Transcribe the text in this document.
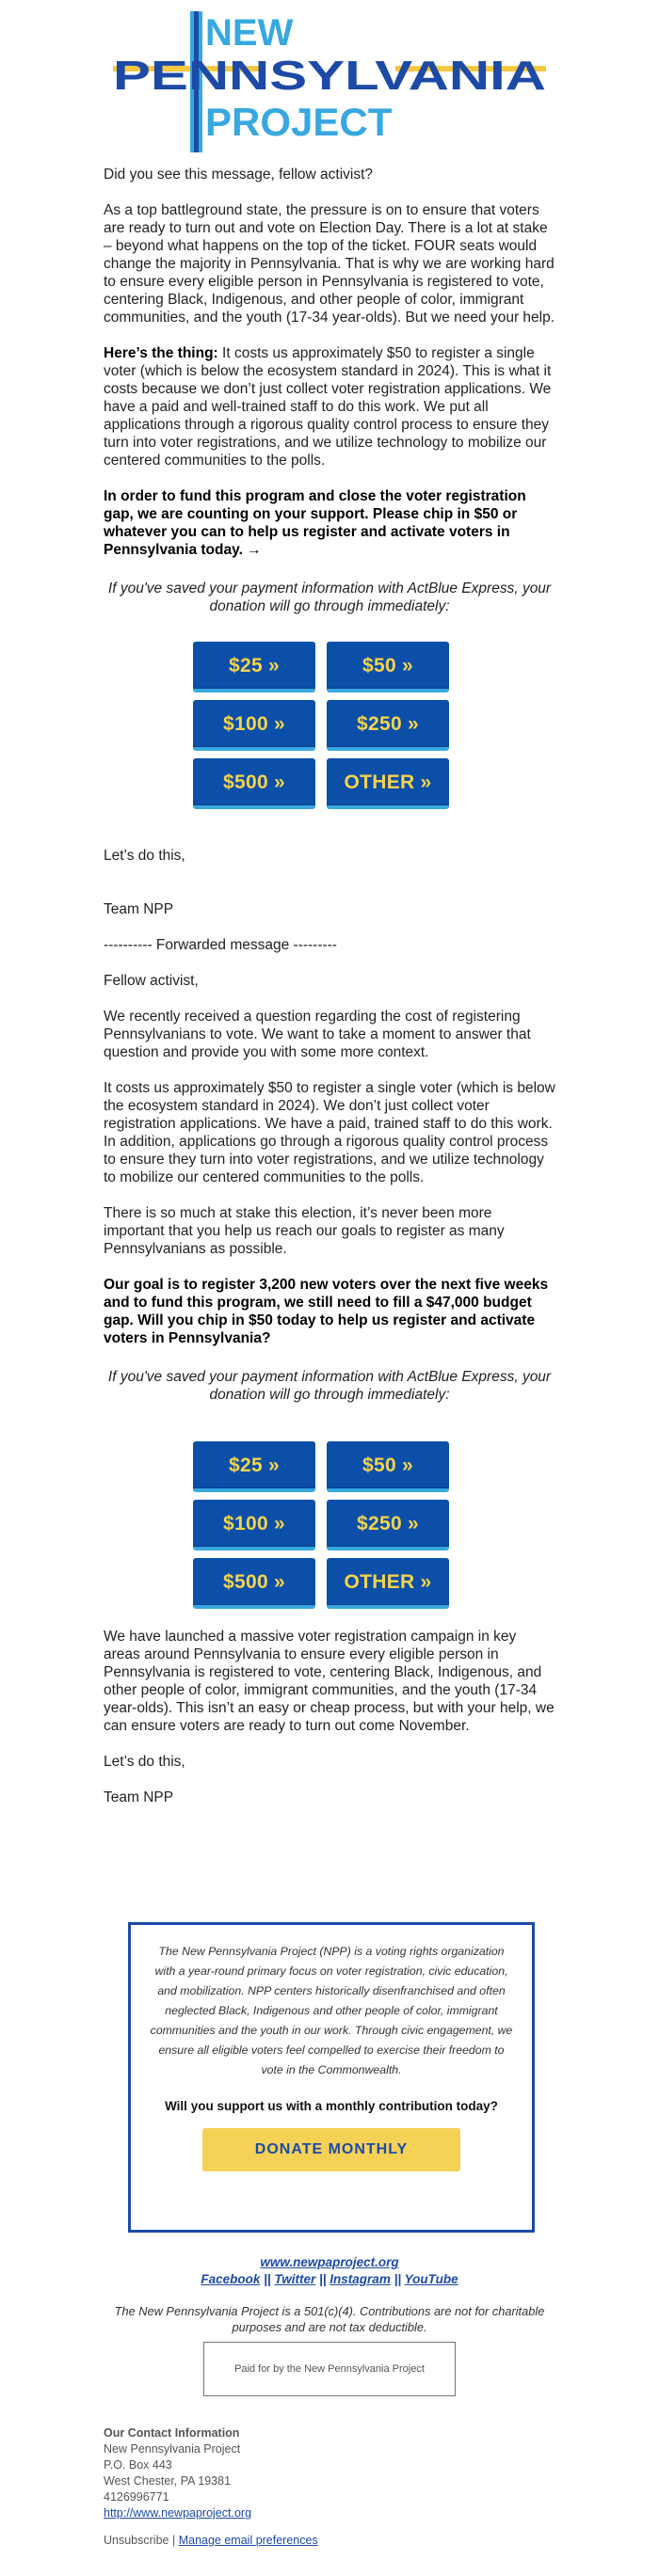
NEW
PENNSYLVANIA
PROJECT

Did you see this message, fellow activist?

As a top battleground state, the pressure is on to ensure that voters are ready to turn out and vote on Election Day. There is a lot at stake – beyond what happens on the top of the ticket. FOUR seats would change the majority in Pennsylvania. That is why we are working hard to ensure every eligible person in Pennsylvania is registered to vote, centering Black, Indigenous, and other people of color, immigrant communities, and the youth (17-34 year-olds). But we need your help.

Here’s the thing: It costs us approximately $50 to register a single voter (which is below the ecosystem standard in 2024). This is what it costs because we don’t just collect voter registration applications. We have a paid and well-trained staff to do this work. We put all applications through a rigorous quality control process to ensure they turn into voter registrations, and we utilize technology to mobilize our centered communities to the polls.

In order to fund this program and close the voter registration gap, we are counting on your support. Please chip in $50 or whatever you can to help us register and activate voters in Pennsylvania today. →

If you've saved your payment information with ActBlue Express, your donation will go through immediately:

$25 »	$50 »
$100 »	$250 »
$500 »	OTHER »

Let’s do this,

Team NPP

---------- Forwarded message ---------

Fellow activist,

We recently received a question regarding the cost of registering Pennsylvanians to vote. We want to take a moment to answer that question and provide you with some more context.

It costs us approximately $50 to register a single voter (which is below the ecosystem standard in 2024). We don’t just collect voter registration applications. We have a paid, trained staff to do this work. In addition, applications go through a rigorous quality control process to ensure they turn into voter registrations, and we utilize technology to mobilize our centered communities to the polls.

There is so much at stake this election, it’s never been more important that you help us reach our goals to register as many Pennsylvanians as possible.

Our goal is to register 3,200 new voters over the next five weeks and to fund this program, we still need to fill a $47,000 budget gap. Will you chip in $50 today to help us register and activate voters in Pennsylvania?

If you've saved your payment information with ActBlue Express, your donation will go through immediately:

$25 »	$50 »
$100 »	$250 »
$500 »	OTHER »

We have launched a massive voter registration campaign in key areas around Pennsylvania to ensure every eligible person in Pennsylvania is registered to vote, centering Black, Indigenous, and other people of color, immigrant communities, and the youth (17-34 year-olds). This isn’t an easy or cheap process, but with your help, we can ensure voters are ready to turn out come November.

Let’s do this,

Team NPP

The New Pennsylvania Project (NPP) is a voting rights organization with a year-round primary focus on voter registration, civic education, and mobilization. NPP centers historically disenfranchised and often neglected Black, Indigenous and other people of color, immigrant communities and the youth in our work. Through civic engagement, we ensure all eligible voters feel compelled to exercise their freedom to vote in the Commonwealth.
Will you support us with a monthly contribution today?
DONATE MONTHLY
www.newpaproject.org
Facebook || Twitter || Instagram || YouTube
The New Pennsylvania Project is a 501(c)(4). Contributions are not for charitable purposes and are not tax deductible.
Paid for by the New Pennsylvania Project
Our Contact Information
New Pennsylvania Project
P.O. Box 443
West Chester, PA 19381
4126996771
http://www.newpaproject.org
Unsubscribe | Manage email preferences
